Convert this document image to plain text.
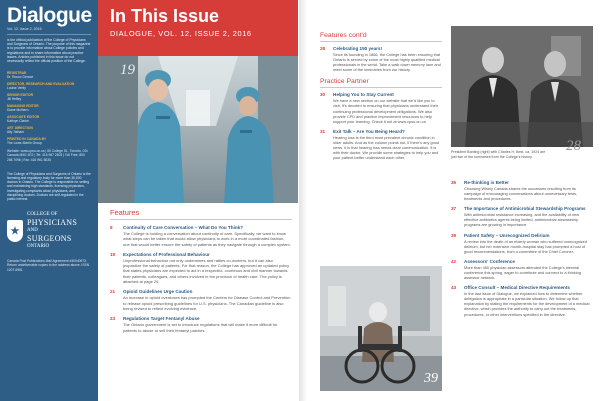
Dialogue
Vol. 12, Issue 2, 2016
is the official publication of the College of Physicians and Surgeons of Ontario. The purpose of this magazine is to provide information about College policies and regulations and to share information about practice issues. Articles published in this issue do not necessarily reflect the official position of the College.
REGISTRAR
Dr. Rocco Gerace
DIRECTOR, RESEARCH AND EVALUATION
Louise Verity
SENIOR EDITOR
Jill Hefley
MANAGING EDITOR
Diane Mulhern
ASSOCIATE EDITOR
Kathryn Clarke
ART DIRECTION
Ally Tatham
PRINTED IN CANADA BY
The Lowe-Martin Group
Website: www.cpso.on.ca | 80 College St., Toronto, ON, Canada M5G 2E2 | Tel: 416 967 2603 | Toll Free: 800 268 7096 | Fax: 416 961 8035
The College of Physicians and Surgeons of Ontario is the licensing and regulatory body for more than 30,000 doctors in Ontario. The College is responsible for setting and maintaining high standards, licensing physicians, investigating complaints about physicians, and disciplining doctors. Doctors are self-regulated in the public interest.
★
COLLEGE OF
PHYSICIANS
AND
SURGEONS
ONTARIO
Canada Post Publications Mail Agreement #40040673. Return undeliverable copies to the address above. ISSN 1207-6961
In This Issue
DIALOGUE, VOL. 12, ISSUE 2, 2016
19
Features
9	Continuity of Care Conversation – What Do You Think?
The College is holding a conversation about continuity of care. Specifically, we want to know what steps can be taken that would allow physicians to work in a more coordinated fashion, one that would better ensure the safety of patients as they navigate through a complex system.
19	Expectations of Professional Behaviour
Unprofessional behaviour not only undermines and rattles co-workers, but it can also jeopardize the safety of patients. For that reason, the College has approved an updated policy that states physicians are expected to act in a respectful, courteous and civil manner towards their patients, colleagues, and others involved in the provision of health care. The policy is attached at page 29.
21	Opioid Guidelines Urge Caution
An increase in opioid overdoses has prompted the Centers for Disease Control and Prevention to release opioid prescribing guidelines for U.S. physicians. The Canadian guideline is also being revised to reflect evolving evidence.
23	Regulations Target Fentanyl Abuse
The Ontario government is set to introduce regulations that will make it more difficult for patients to abuse or sell their fentanyl patches.
Features cont'd
28	Celebrating 150 years!
Since its founding in 1866, the College has been ensuring that Ontario is served by some of the most highly qualified medical professionals in the world. Take a walk down memory lane and meet some of the luminaries from our history.
Practice Partner
30	Helping You to Stay Current
We have a new section on our website that we'd like you to visit. It's devoted to ensuring that physicians understand their continuing professional development obligations. We also provide CPD and practice improvement resources to help support your learning. Check it out at www.cpso.on.ca
31	Exit Talk – Are You Being Heard?
Hearing loss is the third most prevalent chronic condition in older adults. And as the column points out, if there's any good news, it is that hearing loss needs clear communication. It is with their doctor. We provide some strategies to help you and your patient better understand each other.
President Banting (right) with Charles H. Best, ca. 1924 are just two of the luminaries from the College's history.
28
39
35	Re-thinking is Better
Choosing Wisely Canada shares the successes resulting from its campaign of encouraging conversations about unnecessary tests, treatments and procedures.
37	The Importance of Antimicrobial Stewardship Programs
With antimicrobial resistance increasing, and the availability of new effective antibiotics agents being limited, antimicrobial stewardship programs are growing in importance.
39	Patient Safety – Unrecognized Delirium
A review into the death of an elderly woman who suffered unrecognized delirium, but her extensive month-hospital stay has prompted a host of good recommendations, from a committee of the Chief Coroner.
42	Assessors' Conference
More than 450 physician assessors attended the College's biennial conference this spring, eager to contribute and connect to a thinking assessor network.
43	Office Consult – Medical Directive Requirements
In the last issue of Dialogue, we explained how to determine whether delegation is appropriate in a particular situation. We follow up that explanation by stating the requirements for the development of a medical directive, which provides the authority to carry out the treatments, procedures, or other interventions specified in the directive.
